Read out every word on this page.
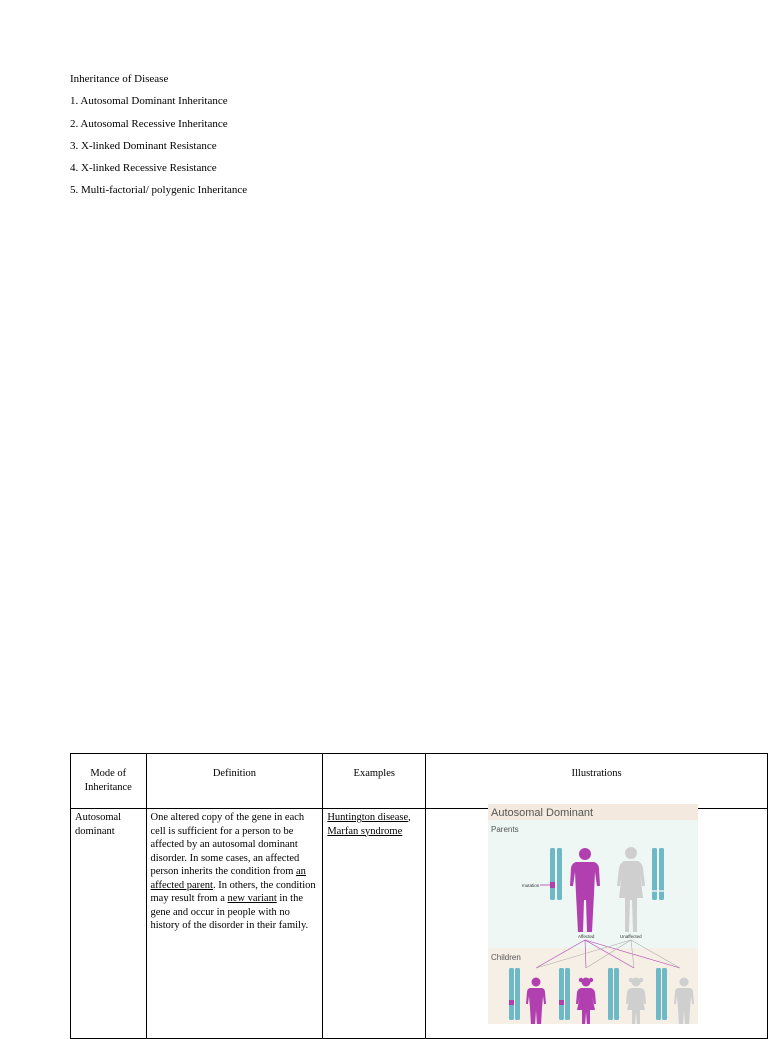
Inheritance of Disease
1. Autosomal Dominant Inheritance
2. Autosomal Recessive Inheritance
3. X-linked Dominant Resistance
4. X-linked Recessive Resistance
5. Multi-factorial/ polygenic Inheritance
Mode of Inheritance	Definition	Examples	Illustrations
Autosomal dominant	One altered copy of the gene in each cell is sufficient for a person to be affected by an autosomal dominant disorder. In some cases, an affected person inherits the condition from an affected parent. In others, the condition may result from a new variant in the gene and occur in people with no history of the disorder in their family.	Huntington disease, Marfan syndrome	
Autosomal Dominant
Parents
mutation
Affected	Unaffected
Children
